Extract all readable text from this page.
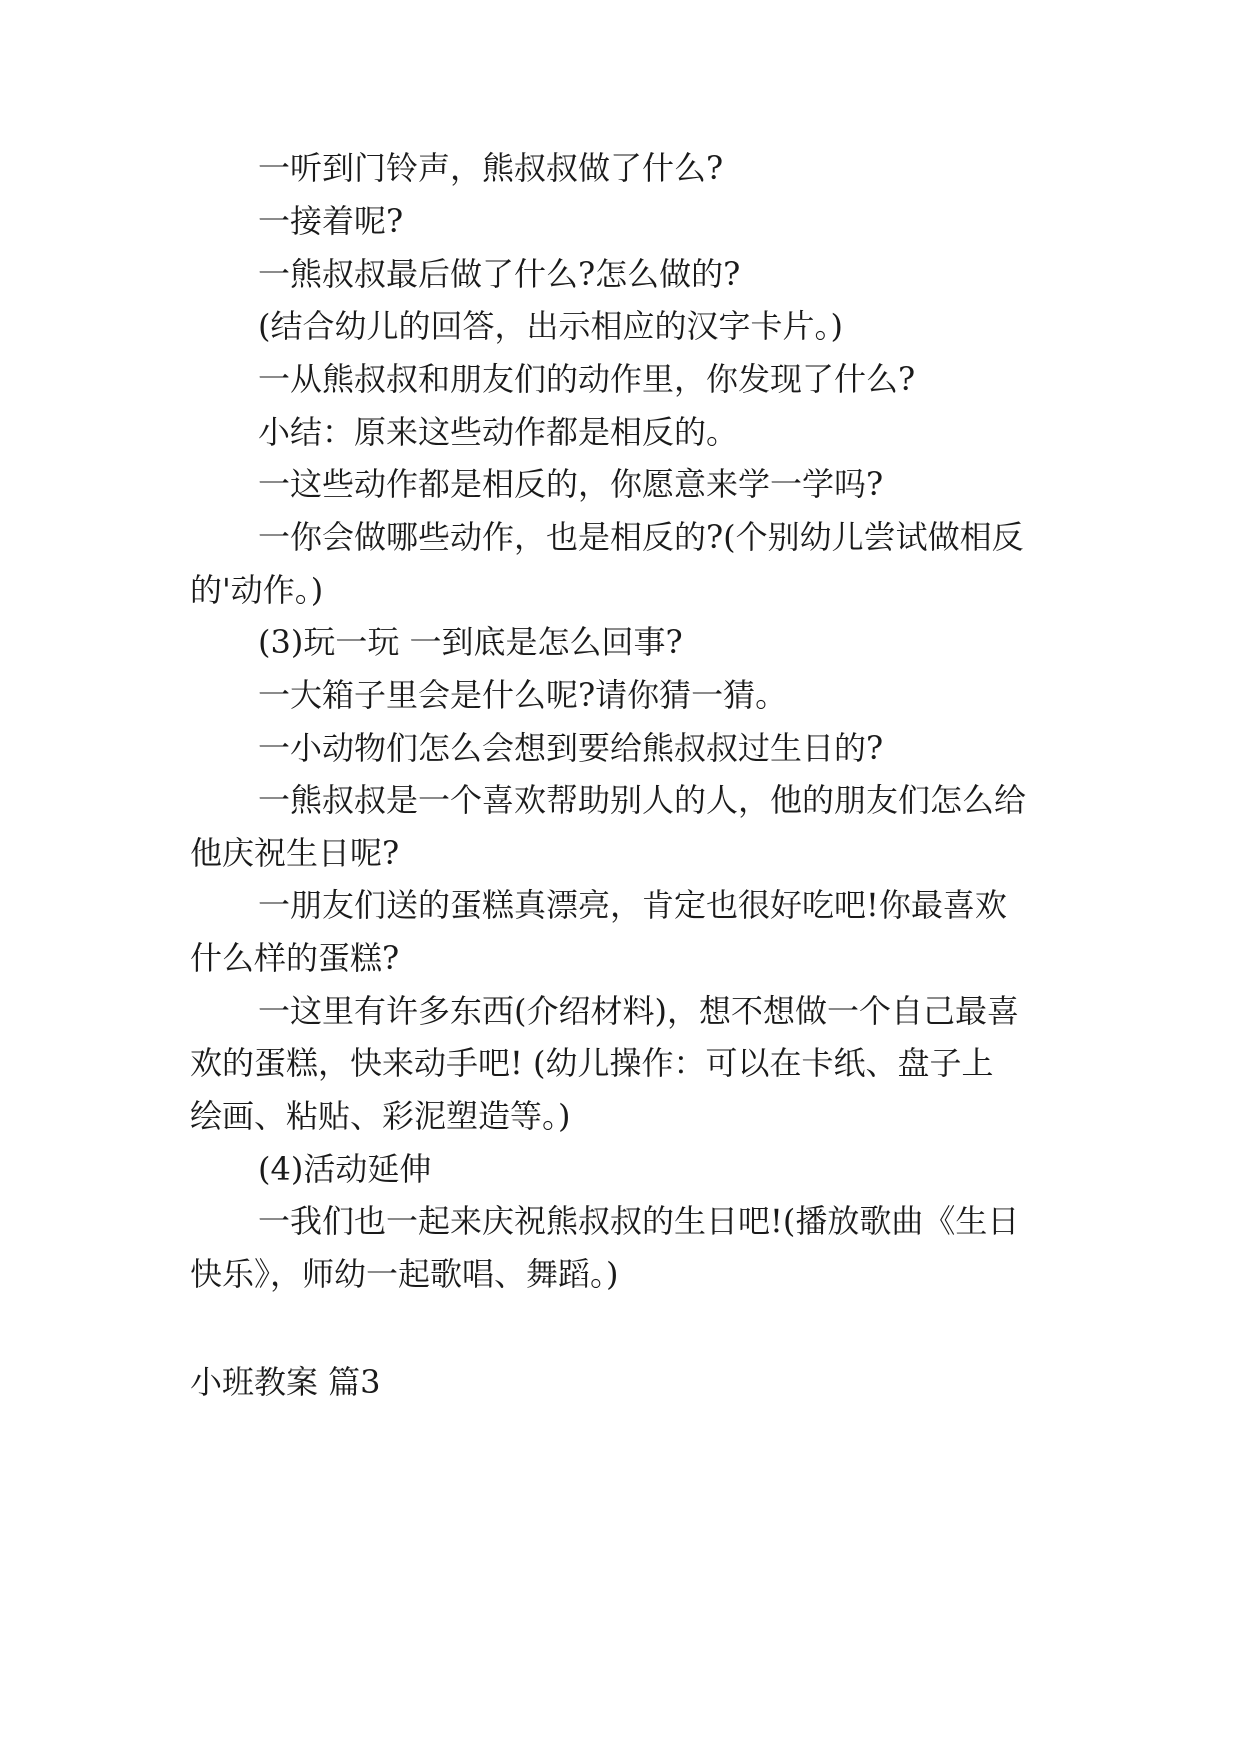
一听到门铃声，熊叔叔做了什么?

一接着呢?

一熊叔叔最后做了什么?怎么做的?

(结合幼儿的回答，出示相应的汉字卡片。)

一从熊叔叔和朋友们的动作里，你发现了什么?

小结：原来这些动作都是相反的。

一这些动作都是相反的，你愿意来学一学吗?

一你会做哪些动作，也是相反的?(个别幼儿尝试做相反

的'动作。)

(3)玩一玩 一到底是怎么回事?

一大箱子里会是什么呢?请你猜一猜。

一小动物们怎么会想到要给熊叔叔过生日的?

一熊叔叔是一个喜欢帮助别人的人，他的朋友们怎么给

他庆祝生日呢?

一朋友们送的蛋糕真漂亮，肯定也很好吃吧!你最喜欢

什么样的蛋糕?

一这里有许多东西(介绍材料)，想不想做一个自己最喜

欢的蛋糕，快来动手吧! (幼儿操作：可以在卡纸、盘子上

绘画、粘贴、彩泥塑造等。)

(4)活动延伸

一我们也一起来庆祝熊叔叔的生日吧!(播放歌曲《生日

快乐》，师幼一起歌唱、舞蹈。)

小班教案 篇3
